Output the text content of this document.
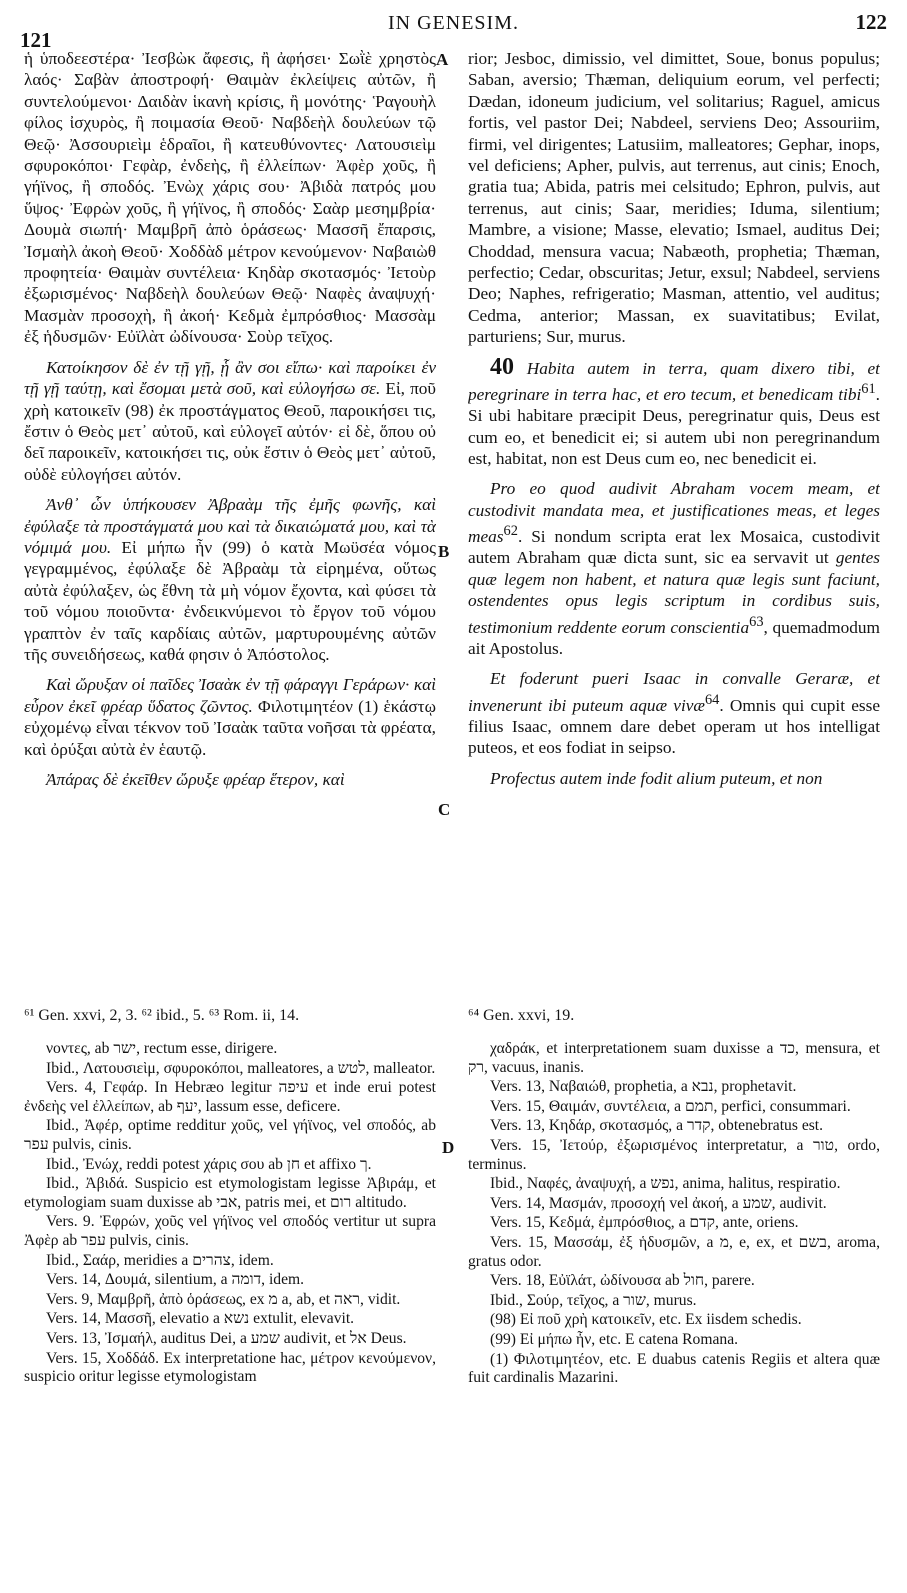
121
IN GENESIM.	122
A
B
C
D

ἡ ὑποδεεστέρα· Ἰεσβὼκ ἄφεσις, ἢ ἀφήσει· Σωῒὲ χρηστὸς λαός· Σαβὰν ἀποστροφή· Θαιμὰν ἐκλείψεις αὐτῶν, ἢ συντελούμενοι· Δαιδὰν ἱκανὴ κρίσις, ἢ μονότης· Ῥαγουὴλ φίλος ἰσχυρὸς, ἢ ποιμασία Θεοῦ· Ναβδεὴλ δουλεύων τῷ Θεῷ· Ἀσσουριεὶμ ἑδραῖοι, ἢ κατευθύνοντες· Λατουσιεὶμ σφυροκόποι· Γεφὰρ, ἐνδεὴς, ἢ ἐλλείπων· Ἀφὲρ χοῦς, ἢ γήϊνος, ἢ σποδός. Ἐνὼχ χάρις σου· Ἀβιδὰ πατρός μου ὕψος· Ἐφρὼν χοῦς, ἢ γήϊνος, ἢ σποδός· Σαὰρ μεσημβρία· Δουμὰ σιωπή· Μαμβρῆ ἀπὸ ὁράσεως· Μασσῆ ἔπαρσις, Ἰσμαὴλ ἀκοὴ Θεοῦ· Χοδδὰδ μέτρον κενούμενον· Ναβαιὼθ προφητεία· Θαιμὰν συντέλεια· Κηδὰρ σκοτασμός· Ἰετοὺρ ἐξωρισμένος· Ναβδεὴλ δουλεύων Θεῷ· Ναφὲς ἀναψυχή· Μασμὰν προσοχὴ, ἢ ἀκοή· Κεδμὰ ἐμπρόσθιος· Μασσὰμ ἐξ ἡδυσμῶν· Εὐϊλὰτ ὠδίνουσα· Σοὺρ τεῖχος.

Κατοίκησον δὲ ἐν τῇ γῇ, ᾗ ἂν σοι εἴπω· καὶ παροίκει ἐν τῇ γῇ ταύτῃ, καὶ ἔσομαι μετὰ σοῦ, καὶ εὐλογήσω σε. Εἰ, ποῦ χρὴ κατοικεῖν (98) ἐκ προστάγματος Θεοῦ, παροικήσει τις, ἔστιν ὁ Θεὸς μετ᾽ αὐτοῦ, καὶ εὐλογεῖ αὐτόν· εἰ δὲ, ὅπου οὐ δεῖ παροικεῖν, κατοικήσει τις, οὐκ ἔστιν ὁ Θεὸς μετ᾽ αὐτοῦ, οὐδὲ εὐλογήσει αὐτόν.

Ἀνθ᾽ ὧν ὑπήκουσεν Ἀβραὰμ τῆς ἐμῆς φωνῆς, καὶ ἐφύλαξε τὰ προστάγματά μου καὶ τὰ δικαιώματά μου, καὶ τὰ νόμιμά μου. Εἰ μήπω ἦν (99) ὁ κατὰ Μωϋσέα νόμος γεγραμμένος, ἐφύλαξε δὲ Ἀβραὰμ τὰ εἰρημένα, οὕτως αὐτὰ ἐφύλαξεν, ὡς ἔθνη τὰ μὴ νόμον ἔχοντα, καὶ φύσει τὰ τοῦ νόμου ποιοῦντα· ἐνδεικνύμενοι τὸ ἔργον τοῦ νόμου γραπτὸν ἐν ταῖς καρδίαις αὐτῶν, μαρτυρουμένης αὐτῶν τῆς συνειδήσεως, καθά φησιν ὁ Ἀπόστολος.

Καὶ ὤρυξαν οἱ παῖδες Ἰσαὰκ ἐν τῇ φάραγγι Γεράρων· καὶ εὗρον ἐκεῖ φρέαρ ὕδατος ζῶντος. Φιλοτιμητέον (1) ἑκάστῳ εὐχομένῳ εἶναι τέκνον τοῦ Ἰσαὰκ ταῦτα νοῆσαι τὰ φρέατα, καὶ ὀρύξαι αὐτὰ ἐν ἑαυτῷ.

Ἀπάρας δὲ ἐκεῖθεν ὤρυξε φρέαρ ἕτερον, καὶ

rior; Jesboc, dimissio, vel dimittet, Soue, bonus populus; Saban, aversio; Thæman, deliquium eorum, vel perfecti; Dædan, idoneum judicium, vel solitarius; Raguel, amicus fortis, vel pastor Dei; Nabdeel, serviens Deo; Assouriim, firmi, vel dirigentes; Latusiim, malleatores; Gephar, inops, vel deficiens; Apher, pulvis, aut terrenus, aut cinis; Enoch, gratia tua; Abida, patris mei celsitudo; Ephron, pulvis, aut terrenus, aut cinis; Saar, meridies; Iduma, silentium; Mambre, a visione; Masse, elevatio; Ismael, auditus Dei; Choddad, mensura vacua; Nabæoth, prophetia; Thæman, perfectio; Cedar, obscuritas; Jetur, exsul; Nabdeel, serviens Deo; Naphes, refrigeratio; Masman, attentio, vel auditus; Cedma, anterior; Massan, ex suavitatibus; Evilat, parturiens; Sur, murus.

40 Habita autem in terra, quam dixero tibi, et peregrinare in terra hac, et ero tecum, et benedicam tibi$^{61}$. Si ubi habitare præcipit Deus, peregrinatur quis, Deus est cum eo, et benedicit ei; si autem ubi non peregrinandum est, habitat, non est Deus cum eo, nec benedicit ei.

Pro eo quod audivit Abraham vocem meam, et custodivit mandata mea, et justificationes meas, et leges meas$^{62}$. Si nondum scripta erat lex Mosaica, custodivit autem Abraham quæ dicta sunt, sic ea servavit ut gentes quæ legem non habent, et natura quæ legis sunt faciunt, ostendentes opus legis scriptum in cordibus suis, testimonium reddente eorum conscientia$^{63}$, quemadmodum ait Apostolus.

Et foderunt pueri Isaac in convalle Geraræ, et invenerunt ibi puteum aquæ vivæ$^{64}$. Omnis qui cupit esse filius Isaac, omnem dare debet operam ut hos intelligat puteos, et eos fodiat in seipso.

Profectus autem inde fodit alium puteum, et non

⁶¹ Gen. xxvi, 2, 3. ⁶² ibid., 5. ⁶³ Rom. ii, 14.	⁶⁴ Gen. xxvi, 19.

νοντες, ab ישר, rectum esse, dirigere.

Ibid., Λατουσιεὶμ, σφυροκόποι, malleatores, a לטש, malleator.

Vers. 4, Γεφάρ. In Hebræo legitur עיפה et inde erui potest ἐνδεὴς vel ἐλλείπων, ab יעף, lassum esse, deficere.

Ibid., Ἀφέρ, optime redditur χοῦς, vel γήϊνος, vel σποδός, ab עפר pulvis, cinis.

Ibid., Ἐνώχ, reddi potest χάρις σου ab חן et affixo ך.

Ibid., Ἀβιδά. Suspicio est etymologistam legisse Ἀβιράμ, et etymologiam suam duxisse ab אבי, patris mei, et רום altitudo.

Vers. 9. Ἐφρών, χοῦς vel γήϊνος vel σποδός vertitur ut supra Ἀφὲρ ab עפר pulvis, cinis.

Ibid., Σαάρ, meridies a צהרים, idem.

Vers. 14, Δουμά, silentium, a דומה, idem.

Vers. 9, Μαμβρῆ, ἀπὸ ὁράσεως, ex מ a, ab, et ראה, vidit.

Vers. 14, Μασσῆ, elevatio a נשא extulit, elevavit.

Vers. 13, Ἰσμαήλ, auditus Dei, a שמע audivit, et אל Deus.

Vers. 15, Χοδδάδ. Ex interpretatione hac, μέτρον κενούμενον, suspicio oritur legisse etymologistam

χαδράκ, et interpretationem suam duxisse a כד, mensura, et רק, vacuus, inanis.

Vers. 13, Ναβαιώθ, prophetia, a נבא, prophetavit.

Vers. 15, Θαιμάν, συντέλεια, a תמם, perfici, consummari.

Vers. 13, Κηδάρ, σκοτασμός, a קדר, obtenebratus est.

Vers. 15, Ἰετούρ, ἐξωρισμένος interpretatur, a טור, ordo, terminus.

Ibid., Ναφές, ἀναψυχή, a נפש, anima, halitus, respiratio.

Vers. 14, Μασμάν, προσοχή vel ἀκοή, a שמע, audivit.

Vers. 15, Κεδμά, ἐμπρόσθιος, a קדם, ante, oriens.

Vers. 15, Μασσάμ, ἐξ ἡδυσμῶν, a מ, e, ex, et בשם, aroma, gratus odor.

Vers. 18, Εὐϊλάτ, ὠδίνουσα ab חול, parere.

Ibid., Σούρ, τεῖχος, a שור, murus.

(98) Εἰ ποῦ χρὴ κατοικεῖν, etc. Ex iisdem schedis.

(99) Εἰ μήπω ἦν, etc. E catena Romana.

(1) Φιλοτιμητέον, etc. E duabus catenis Regiis et altera quæ fuit cardinalis Mazarini.
